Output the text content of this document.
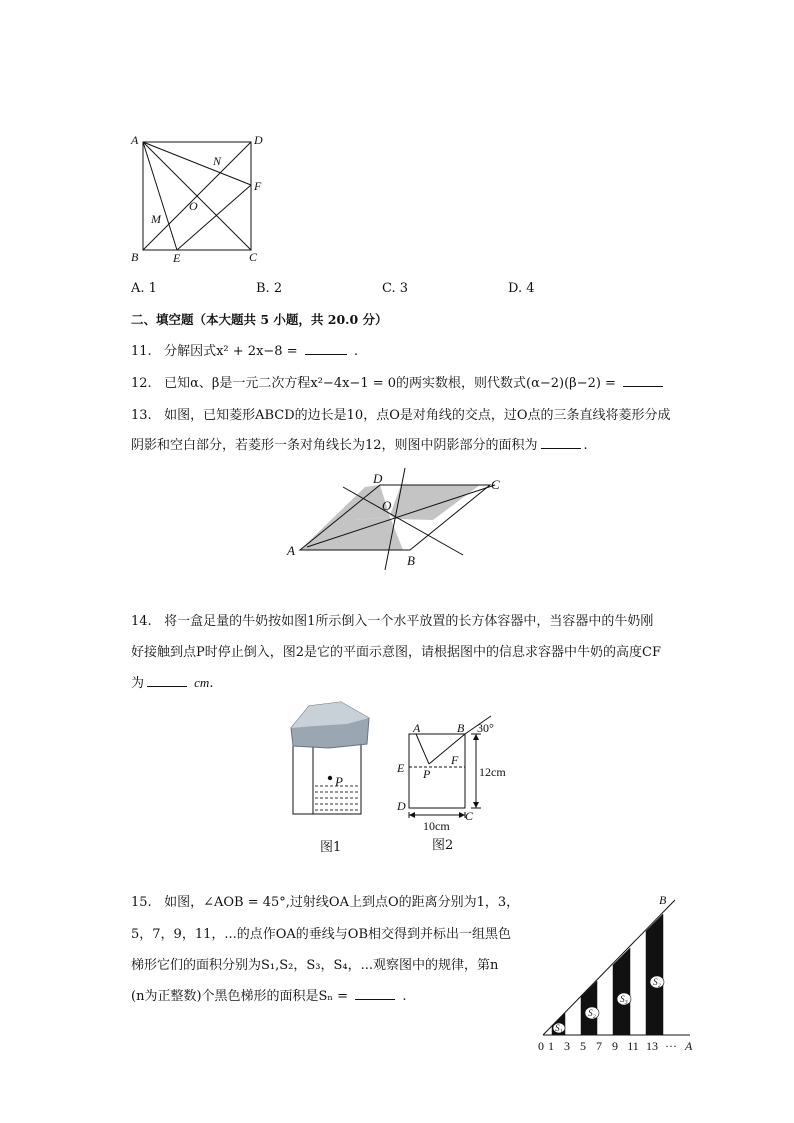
A	D
B	C
E
F
N
M
O
A. 1	B. 2	C. 3	D. 4
二、填空题（本大题共 5 小题，共 20.0 分）
11. 分解因式x² + 2x−8 =	.
12. 已知α、β是一元二次方程x²−4x−1 = 0的两实数根，则代数式(α−2)(β−2) =
13. 如图，已知菱形ABCD的边长是10，点O是对角线的交点，过O点的三条直线将菱形分成
阴影和空白部分，若菱形一条对角线长为12，则图中阴影部分的面积为	.
A
B
C
D
O
14. 将一盒足量的牛奶按如图1所示倒入一个水平放置的长方体容器中，当容器中的牛奶刚
好接触到点P时停止倒入，图2是它的平面示意图，请根据图中的信息求容器中牛奶的高度CF
为	cm.
P
图1
A	B
E
F
P
D
C
30°
12cm
10cm
图2
15. 如图，∠AOB = 45°,过射线OA上到点O的距离分别为1，3，
5，7，9，11，...的点作OA的垂线与OB相交得到并标出一组黑色
梯形它们的面积分别为S₁,S₂，S₃，S₄，...观察图中的规律，第n
(n为正整数)个黑色梯形的面积是Sₙ =	.
S₁
S₂
S₃
S₂
B
A
0 1 3 5 7 9 11 13 ···
